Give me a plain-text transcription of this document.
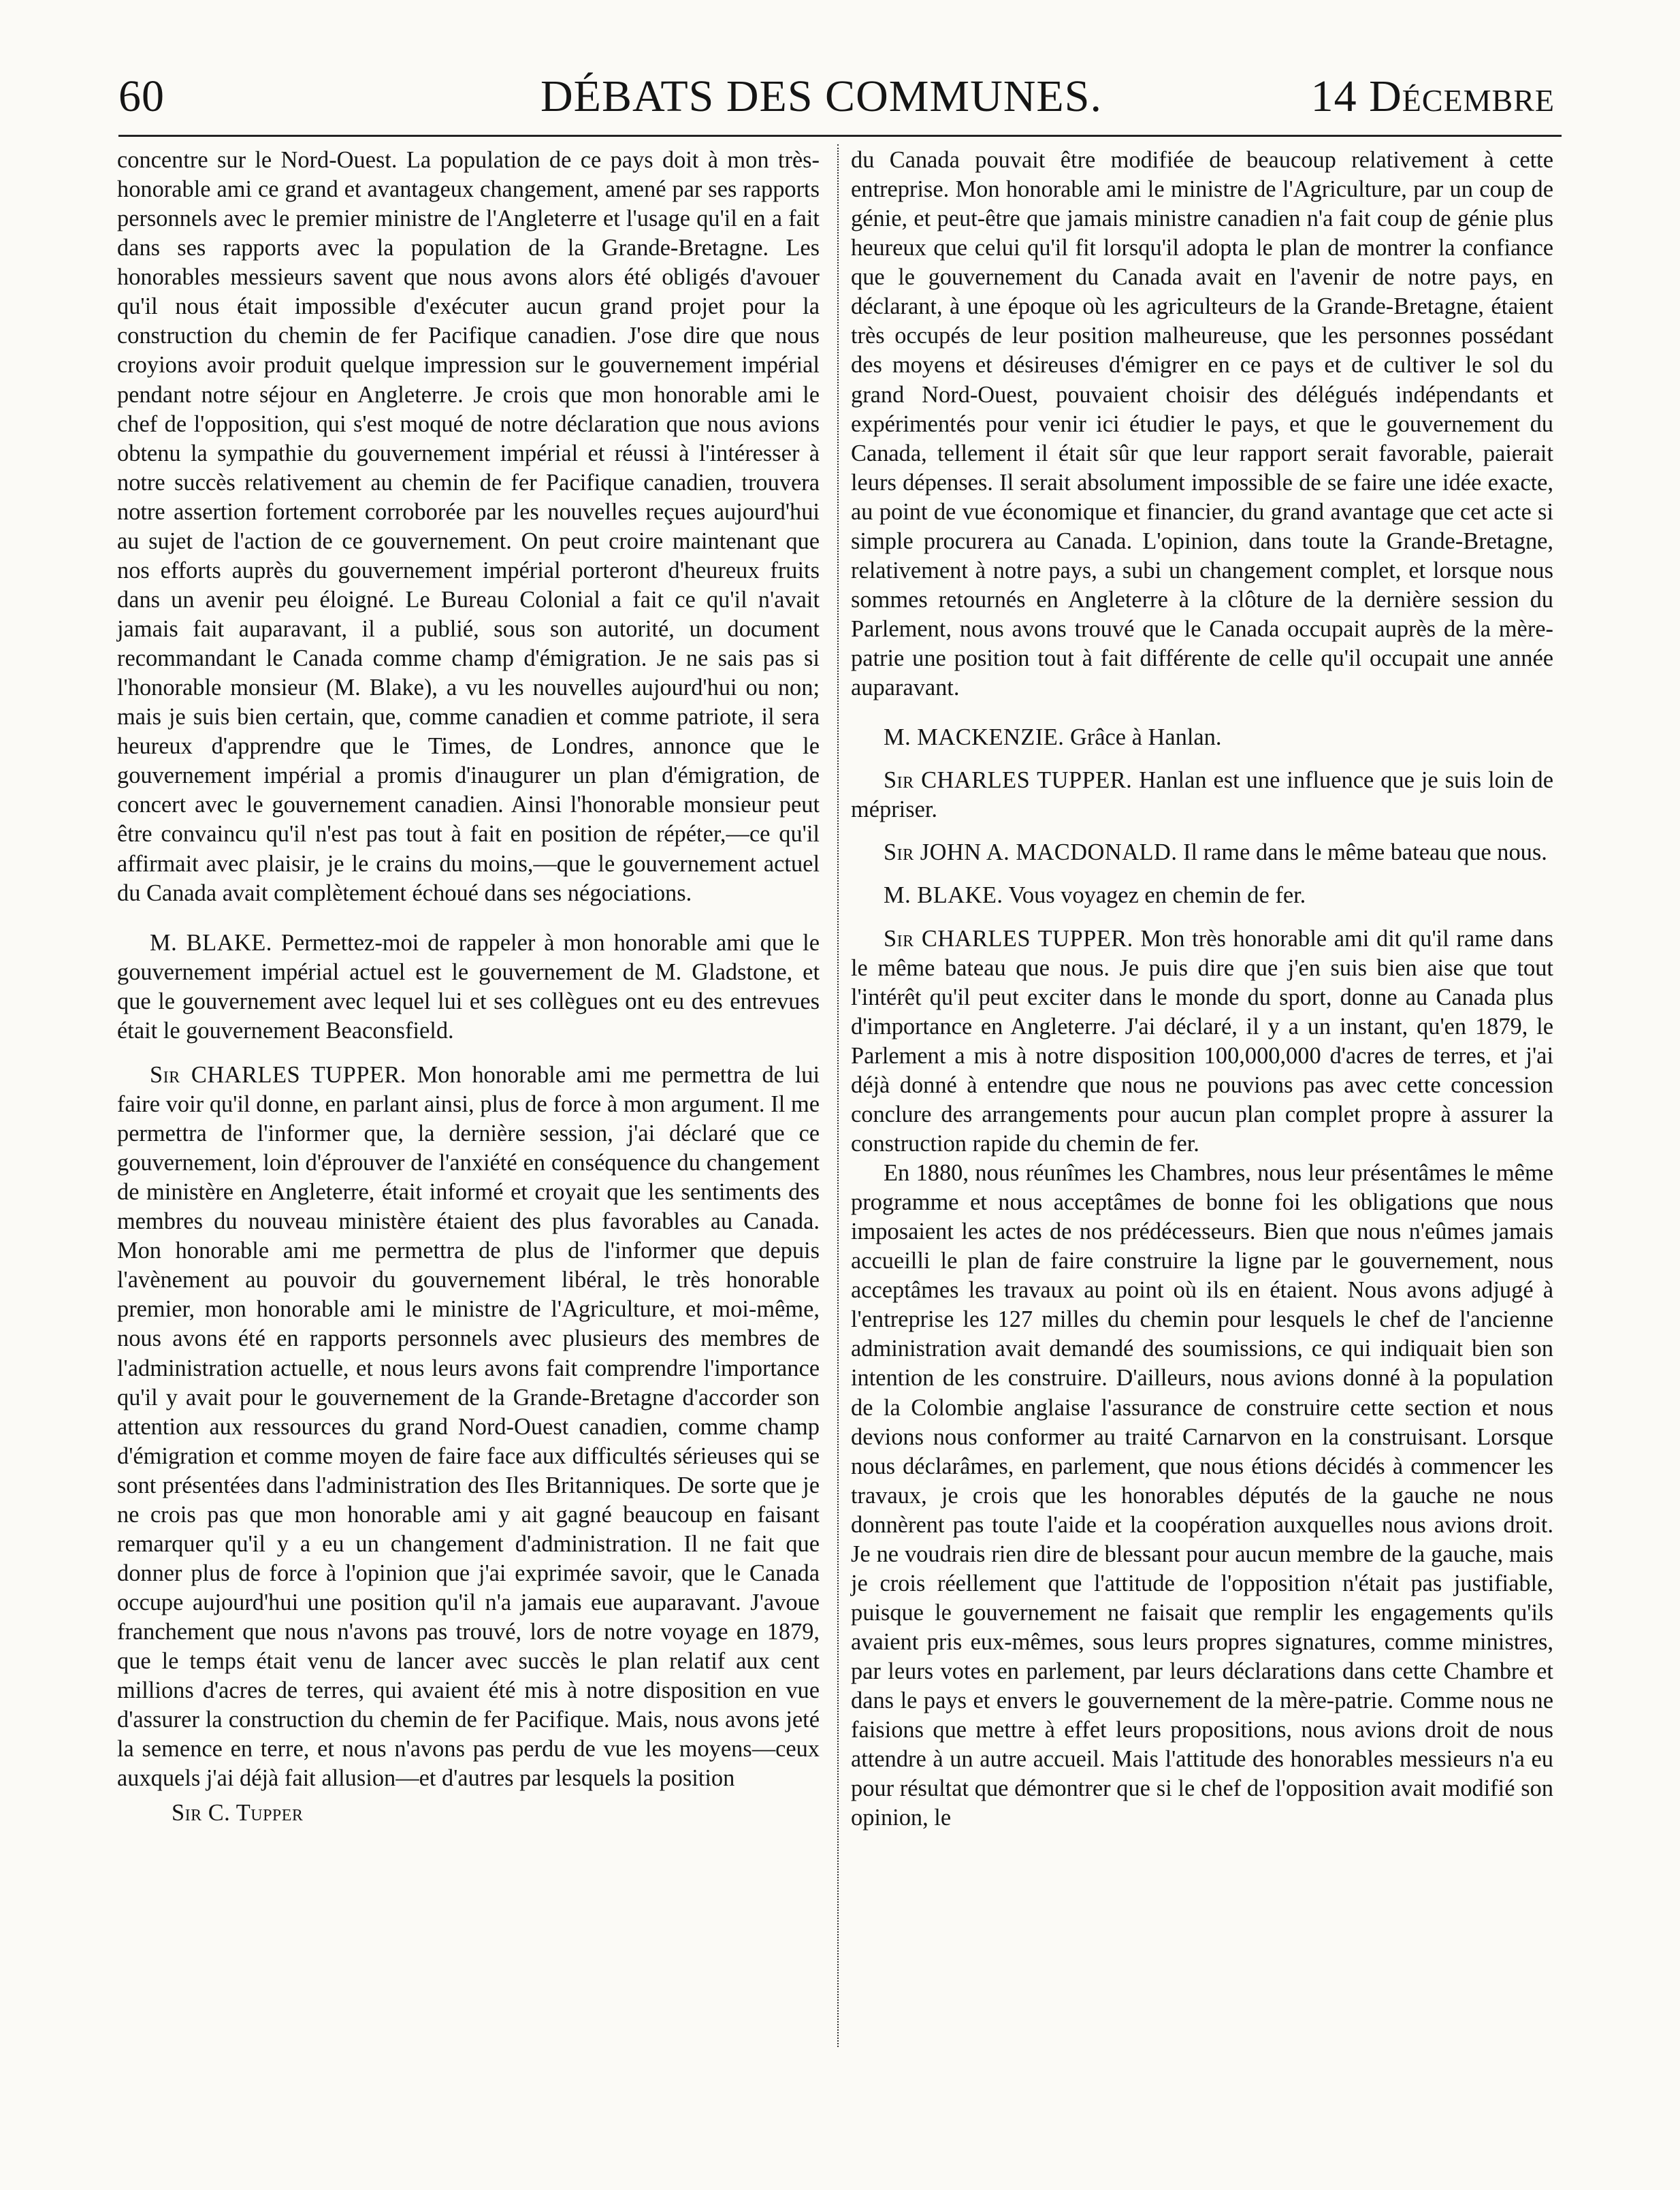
60	DÉBATS DES COMMUNES.	14 Décembre

concentre sur le Nord-Ouest. La population de ce pays doit à mon très-honorable ami ce grand et avantageux changement, amené par ses rapports personnels avec le premier ministre de l'Angleterre et l'usage qu'il en a fait dans ses rapports avec la population de la Grande-Bretagne. Les honorables messieurs savent que nous avons alors été obligés d'avouer qu'il nous était impossible d'exécuter aucun grand projet pour la construction du chemin de fer Pacifique canadien. J'ose dire que nous croyions avoir produit quelque impression sur le gouvernement impérial pendant notre séjour en Angleterre. Je crois que mon honorable ami le chef de l'opposition, qui s'est moqué de notre déclaration que nous avions obtenu la sympathie du gouvernement impérial et réussi à l'intéresser à notre succès relativement au chemin de fer Pacifique canadien, trouvera notre assertion fortement corroborée par les nouvelles reçues aujourd'hui au sujet de l'action de ce gouvernement. On peut croire maintenant que nos efforts auprès du gouvernement impérial porteront d'heureux fruits dans un avenir peu éloigné. Le Bureau Colonial a fait ce qu'il n'avait jamais fait auparavant, il a publié, sous son autorité, un document recommandant le Canada comme champ d'émigration. Je ne sais pas si l'honorable monsieur (M. Blake), a vu les nouvelles aujourd'hui ou non; mais je suis bien certain, que, comme canadien et comme patriote, il sera heureux d'apprendre que le Times, de Londres, annonce que le gouvernement impérial a promis d'inaugurer un plan d'émigration, de concert avec le gouvernement canadien. Ainsi l'honorable monsieur peut être convaincu qu'il n'est pas tout à fait en position de répéter,—ce qu'il affirmait avec plaisir, je le crains du moins,—que le gouvernement actuel du Canada avait complètement échoué dans ses négociations.

M. BLAKE. Permettez-moi de rappeler à mon honorable ami que le gouvernement impérial actuel est le gouvernement de M. Gladstone, et que le gouvernement avec lequel lui et ses collègues ont eu des entrevues était le gouvernement Beaconsfield.

Sir CHARLES TUPPER. Mon honorable ami me permettra de lui faire voir qu'il donne, en parlant ainsi, plus de force à mon argument. Il me permettra de l'informer que, la dernière session, j'ai déclaré que ce gouvernement, loin d'éprouver de l'anxiété en conséquence du changement de ministère en Angleterre, était informé et croyait que les sentiments des membres du nouveau ministère étaient des plus favorables au Canada. Mon honorable ami me permettra de plus de l'informer que depuis l'avènement au pouvoir du gouvernement libéral, le très honorable premier, mon honorable ami le ministre de l'Agriculture, et moi-même, nous avons été en rapports personnels avec plusieurs des membres de l'administration actuelle, et nous leurs avons fait comprendre l'importance qu'il y avait pour le gouvernement de la Grande-Bretagne d'accorder son attention aux ressources du grand Nord-Ouest canadien, comme champ d'émigration et comme moyen de faire face aux difficultés sérieuses qui se sont présentées dans l'administration des Iles Britanniques. De sorte que je ne crois pas que mon honorable ami y ait gagné beaucoup en faisant remarquer qu'il y a eu un changement d'administration. Il ne fait que donner plus de force à l'opinion que j'ai exprimée savoir, que le Canada occupe aujourd'hui une position qu'il n'a jamais eue auparavant. J'avoue franchement que nous n'avons pas trouvé, lors de notre voyage en 1879, que le temps était venu de lancer avec succès le plan relatif aux cent millions d'acres de terres, qui avaient été mis à notre disposition en vue d'assurer la construction du chemin de fer Pacifique. Mais, nous avons jeté la semence en terre, et nous n'avons pas perdu de vue les moyens—ceux auxquels j'ai déjà fait allusion—et d'autres par lesquels la position

Sir C. Tupper

du Canada pouvait être modifiée de beaucoup relativement à cette entreprise. Mon honorable ami le ministre de l'Agriculture, par un coup de génie, et peut-être que jamais ministre canadien n'a fait coup de génie plus heureux que celui qu'il fit lorsqu'il adopta le plan de montrer la confiance que le gouvernement du Canada avait en l'avenir de notre pays, en déclarant, à une époque où les agriculteurs de la Grande-Bretagne, étaient très occupés de leur position malheureuse, que les personnes possédant des moyens et désireuses d'émigrer en ce pays et de cultiver le sol du grand Nord-Ouest, pouvaient choisir des délégués indépendants et expérimentés pour venir ici étudier le pays, et que le gouvernement du Canada, tellement il était sûr que leur rapport serait favorable, paierait leurs dépenses. Il serait absolument impossible de se faire une idée exacte, au point de vue économique et financier, du grand avantage que cet acte si simple procurera au Canada. L'opinion, dans toute la Grande-Bretagne, relativement à notre pays, a subi un changement complet, et lorsque nous sommes retournés en Angleterre à la clôture de la dernière session du Parlement, nous avons trouvé que le Canada occupait auprès de la mère-patrie une position tout à fait différente de celle qu'il occupait une année auparavant.

M. MACKENZIE. Grâce à Hanlan.

Sir CHARLES TUPPER. Hanlan est une influence que je suis loin de mépriser.

Sir JOHN A. MACDONALD. Il rame dans le même bateau que nous.

M. BLAKE. Vous voyagez en chemin de fer.

Sir CHARLES TUPPER. Mon très honorable ami dit qu'il rame dans le même bateau que nous. Je puis dire que j'en suis bien aise que tout l'intérêt qu'il peut exciter dans le monde du sport, donne au Canada plus d'importance en Angleterre. J'ai déclaré, il y a un instant, qu'en 1879, le Parlement a mis à notre disposition 100,000,000 d'acres de terres, et j'ai déjà donné à entendre que nous ne pouvions pas avec cette concession conclure des arrangements pour aucun plan complet propre à assurer la construction rapide du chemin de fer.

En 1880, nous réunîmes les Chambres, nous leur présentâmes le même programme et nous acceptâmes de bonne foi les obligations que nous imposaient les actes de nos prédécesseurs. Bien que nous n'eûmes jamais accueilli le plan de faire construire la ligne par le gouvernement, nous acceptâmes les travaux au point où ils en étaient. Nous avons adjugé à l'entreprise les 127 milles du chemin pour lesquels le chef de l'ancienne administration avait demandé des soumissions, ce qui indiquait bien son intention de les construire. D'ailleurs, nous avions donné à la population de la Colombie anglaise l'assurance de construire cette section et nous devions nous conformer au traité Carnarvon en la construisant. Lorsque nous déclarâmes, en parlement, que nous étions décidés à commencer les travaux, je crois que les honorables députés de la gauche ne nous donnèrent pas toute l'aide et la coopération auxquelles nous avions droit. Je ne voudrais rien dire de blessant pour aucun membre de la gauche, mais je crois réellement que l'attitude de l'opposition n'était pas justifiable, puisque le gouvernement ne faisait que remplir les engagements qu'ils avaient pris eux-mêmes, sous leurs propres signatures, comme ministres, par leurs votes en parlement, par leurs déclarations dans cette Chambre et dans le pays et envers le gouvernement de la mère-patrie. Comme nous ne faisions que mettre à effet leurs propositions, nous avions droit de nous attendre à un autre accueil. Mais l'attitude des honorables messieurs n'a eu pour résultat que démontrer que si le chef de l'opposition avait modifié son opinion, le
